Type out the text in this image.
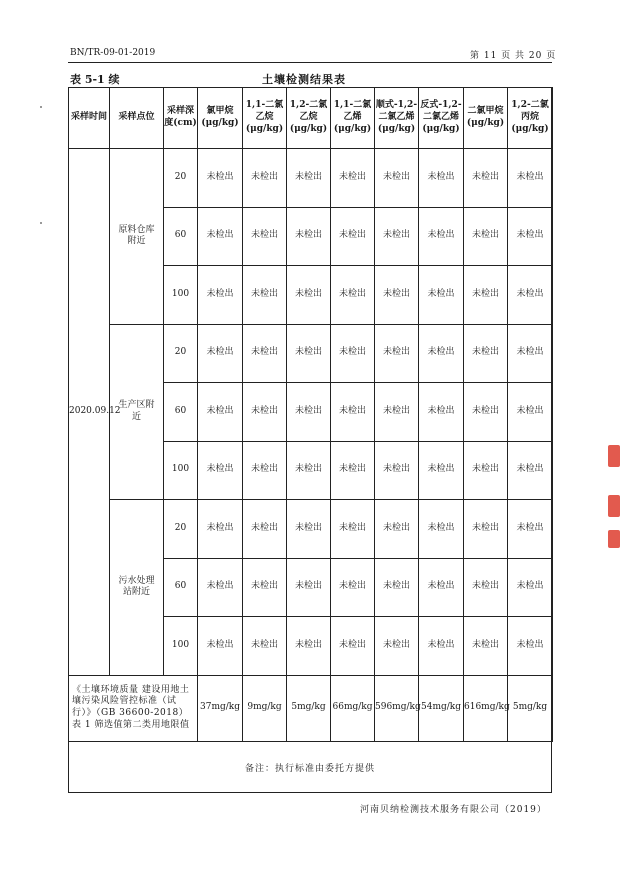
BN/TR-09-01-2019	第 11 页 共 20 页
表 5-1 续	土壤检测结果表
采样时间	采样点位	采样深度(cm)	氯甲烷(μg/kg)	1,1-二氯乙烷(μg/kg)	1,2-二氯乙烷(μg/kg)	1,1-二氯乙烯(μg/kg)	顺式-1,2-二氯乙烯(μg/kg)	反式-1,2-二氯乙烯(μg/kg)	二氯甲烷(μg/kg)	1,2-二氯丙烷(μg/kg)
2020.09.12	原料仓库附近	20	未检出	未检出	未检出	未检出	未检出	未检出	未检出	未检出
		60	未检出	未检出	未检出	未检出	未检出	未检出	未检出	未检出
		100	未检出	未检出	未检出	未检出	未检出	未检出	未检出	未检出
	生产区附近	20	未检出	未检出	未检出	未检出	未检出	未检出	未检出	未检出
		60	未检出	未检出	未检出	未检出	未检出	未检出	未检出	未检出
		100	未检出	未检出	未检出	未检出	未检出	未检出	未检出	未检出
	污水处理站附近	20	未检出	未检出	未检出	未检出	未检出	未检出	未检出	未检出
		60	未检出	未检出	未检出	未检出	未检出	未检出	未检出	未检出
		100	未检出	未检出	未检出	未检出	未检出	未检出	未检出	未检出
《土壤环境质量 建设用地土壤污染风险管控标准（试行）》（GB 36600-2018）表 1 筛选值第二类用地限值			37mg/kg	9mg/kg	5mg/kg	66mg/kg	596mg/kg	54mg/kg	616mg/kg	5mg/kg
备注：执行标准由委托方提供
河南贝纳检测技术服务有限公司（2019）
